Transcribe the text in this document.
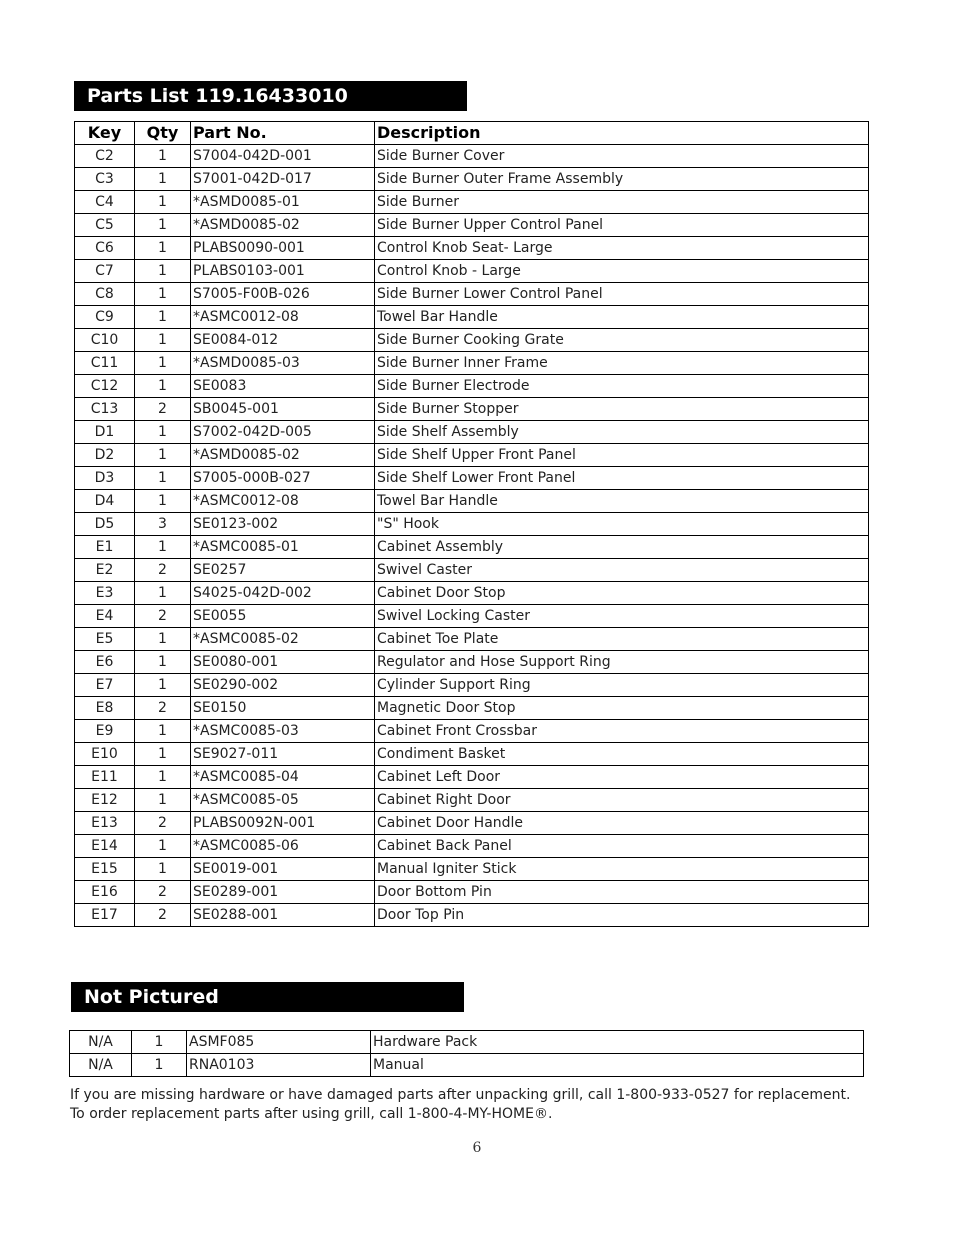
Parts List 119.16433010
Key	Qty	Part No.	Description
C2	1	S7004-042D-001	Side Burner Cover
C3	1	S7001-042D-017	Side Burner Outer Frame Assembly
C4	1	*ASMD0085-01	Side Burner
C5	1	*ASMD0085-02	Side Burner Upper Control Panel
C6	1	PLABS0090-001	Control Knob Seat- Large
C7	1	PLABS0103-001	Control Knob - Large
C8	1	S7005-F00B-026	Side Burner Lower Control Panel
C9	1	*ASMC0012-08	Towel Bar Handle
C10	1	SE0084-012	Side Burner Cooking Grate
C11	1	*ASMD0085-03	Side Burner Inner Frame
C12	1	SE0083	Side Burner Electrode
C13	2	SB0045-001	Side Burner Stopper
D1	1	S7002-042D-005	Side Shelf Assembly
D2	1	*ASMD0085-02	Side Shelf Upper Front Panel
D3	1	S7005-000B-027	Side Shelf Lower Front Panel
D4	1	*ASMC0012-08	Towel Bar Handle
D5	3	SE0123-002	"S" Hook
E1	1	*ASMC0085-01	Cabinet Assembly
E2	2	SE0257	Swivel Caster
E3	1	S4025-042D-002	Cabinet Door Stop
E4	2	SE0055	Swivel Locking Caster
E5	1	*ASMC0085-02	Cabinet Toe Plate
E6	1	SE0080-001	Regulator and Hose Support Ring
E7	1	SE0290-002	Cylinder Support Ring
E8	2	SE0150	Magnetic Door Stop
E9	1	*ASMC0085-03	Cabinet Front Crossbar
E10	1	SE9027-011	Condiment Basket
E11	1	*ASMC0085-04	Cabinet Left Door
E12	1	*ASMC0085-05	Cabinet Right Door
E13	2	PLABS0092N-001	Cabinet Door Handle
E14	1	*ASMC0085-06	Cabinet Back Panel
E15	1	SE0019-001	Manual Igniter Stick
E16	2	SE0289-001	Door Bottom Pin
E17	2	SE0288-001	Door Top Pin
Not Pictured
N/A	1	ASMF085	Hardware Pack
N/A	1	RNA0103	Manual
If you are missing hardware or have damaged parts after unpacking grill, call 1-800-933-0527 for replacement.
To order replacement parts after using grill, call 1-800-4-MY-HOME®.
6
